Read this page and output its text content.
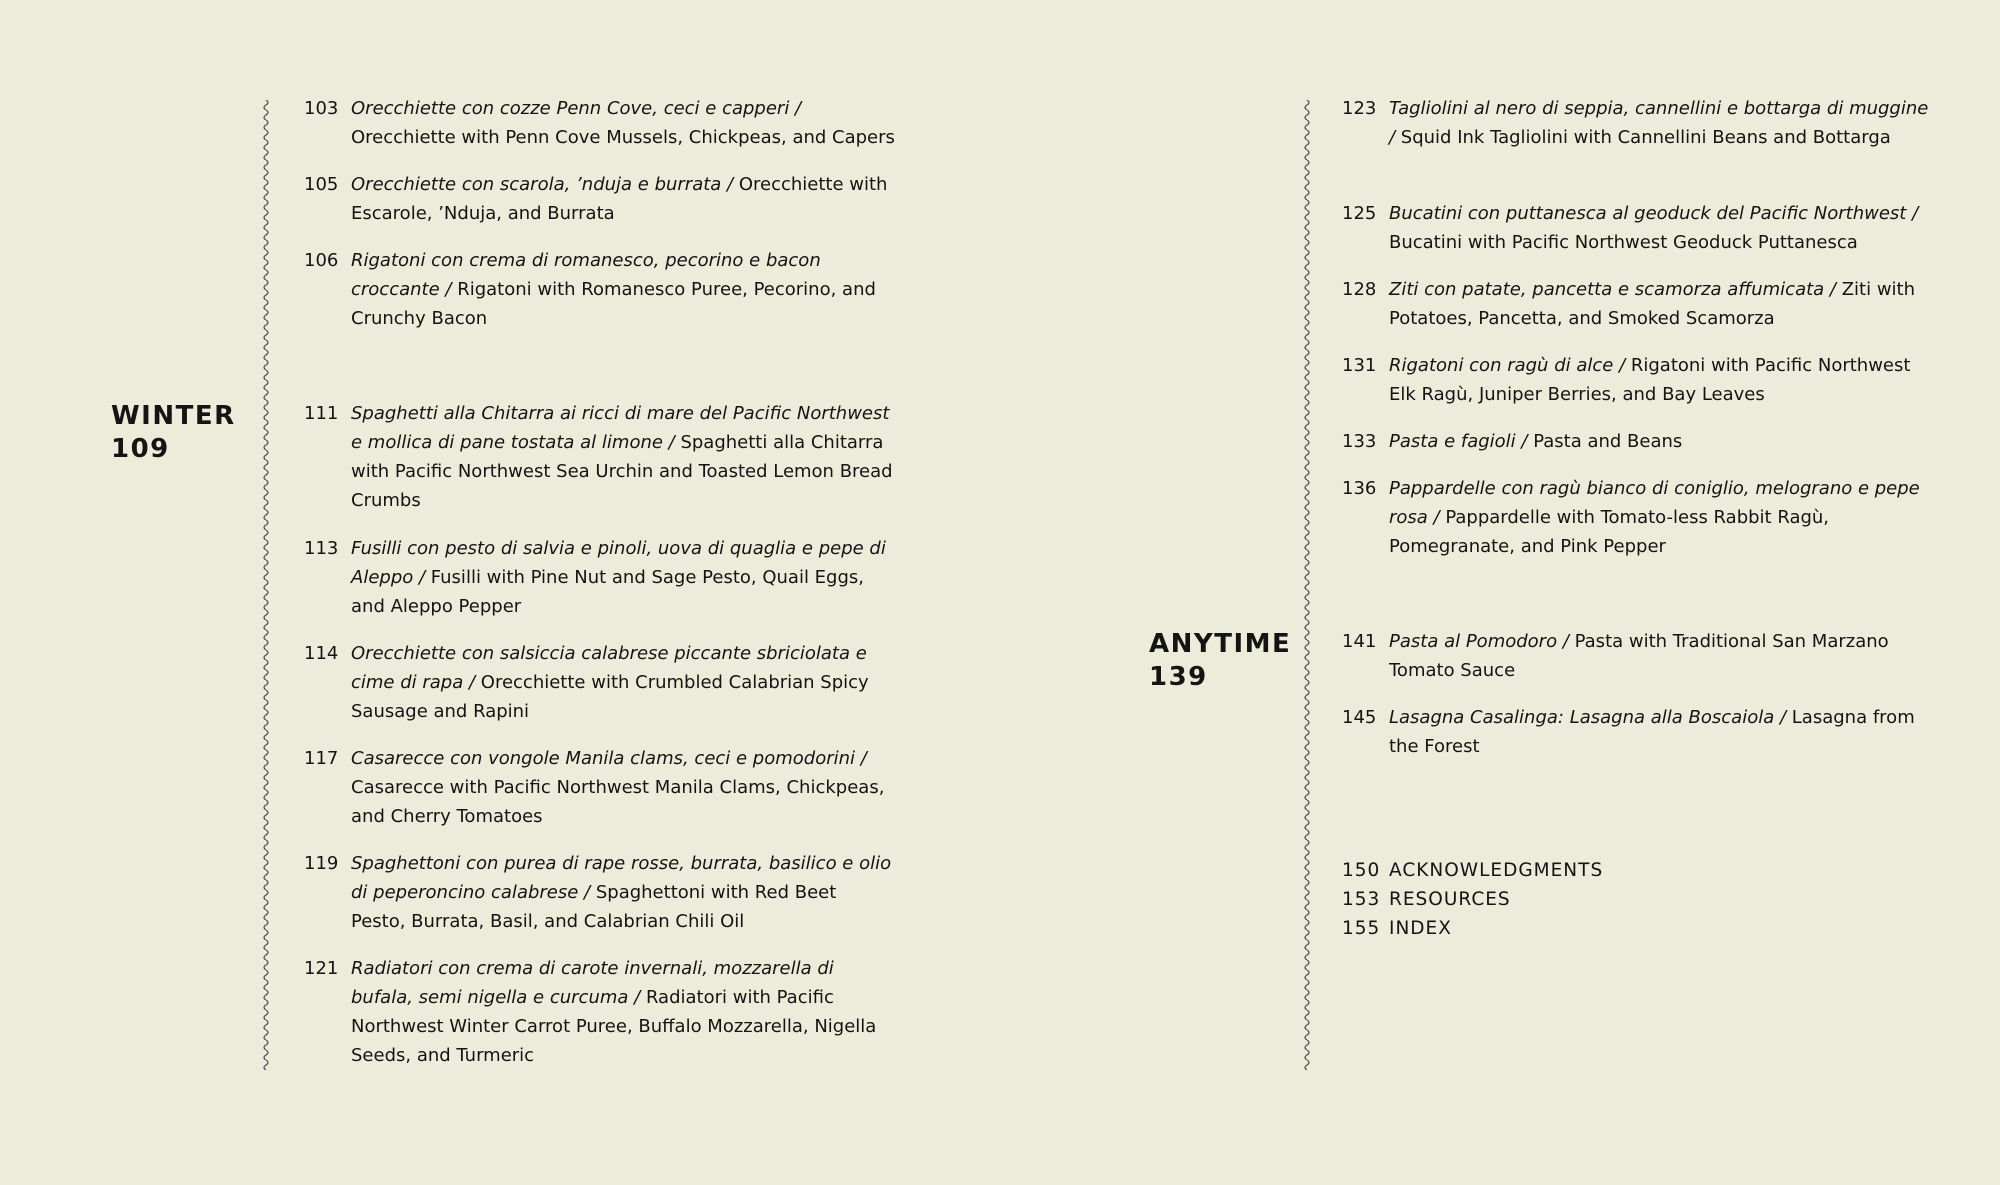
WINTER
109
103 Orecchiette con cozze Penn Cove, ceci e capperi / Orecchiette with Penn Cove Mussels, Chickpeas, and Capers
105 Orecchiette con scarola, ’nduja e burrata / Orecchiette with Escarole, ’Nduja, and Burrata
106 Rigatoni con crema di romanesco, pecorino e bacon croccante / Rigatoni with Romanesco Puree, Pecorino, and Crunchy Bacon
111 Spaghetti alla Chitarra ai ricci di mare del Pacific Northwest e mollica di pane tostata al limone / Spaghetti alla Chitarra with Pacific Northwest Sea Urchin and Toasted Lemon Bread Crumbs
113 Fusilli con pesto di salvia e pinoli, uova di quaglia e pepe di Aleppo / Fusilli with Pine Nut and Sage Pesto, Quail Eggs, and Aleppo Pepper
114 Orecchiette con salsiccia calabrese piccante sbriciolata e cime di rapa / Orecchiette with Crumbled Calabrian Spicy Sausage and Rapini
117 Casarecce con vongole Manila clams, ceci e pomodorini / Casarecce with Pacific Northwest Manila Clams, Chickpeas, and Cherry Tomatoes
119 Spaghettoni con purea di rape rosse, burrata, basilico e olio di peperoncino calabrese / Spaghettoni with Red Beet Pesto, Burrata, Basil, and Calabrian Chili Oil
121 Radiatori con crema di carote invernali, mozzarella di bufala, semi nigella e curcuma / Radiatori with Pacific Northwest Winter Carrot Puree, Buffalo Mozzarella, Nigella Seeds, and Turmeric
ANYTIME
139
123 Tagliolini al nero di seppia, cannellini e bottarga di muggine / Squid Ink Tagliolini with Cannellini Beans and Bottarga
125 Bucatini con puttanesca al geoduck del Pacific Northwest / Bucatini with Pacific Northwest Geoduck Puttanesca
128 Ziti con patate, pancetta e scamorza affumicata / Ziti with Potatoes, Pancetta, and Smoked Scamorza
131 Rigatoni con ragù di alce / Rigatoni with Pacific Northwest Elk Ragù, Juniper Berries, and Bay Leaves
133 Pasta e fagioli / Pasta and Beans
136 Pappardelle con ragù bianco di coniglio, melograno e pepe rosa / Pappardelle with Tomato-less Rabbit Ragù, Pomegranate, and Pink Pepper
141 Pasta al Pomodoro / Pasta with Traditional San Marzano Tomato Sauce
145 Lasagna Casalinga: Lasagna alla Boscaiola / Lasagna from the Forest
150 ACKNOWLEDGMENTS
153 RESOURCES
155 INDEX
